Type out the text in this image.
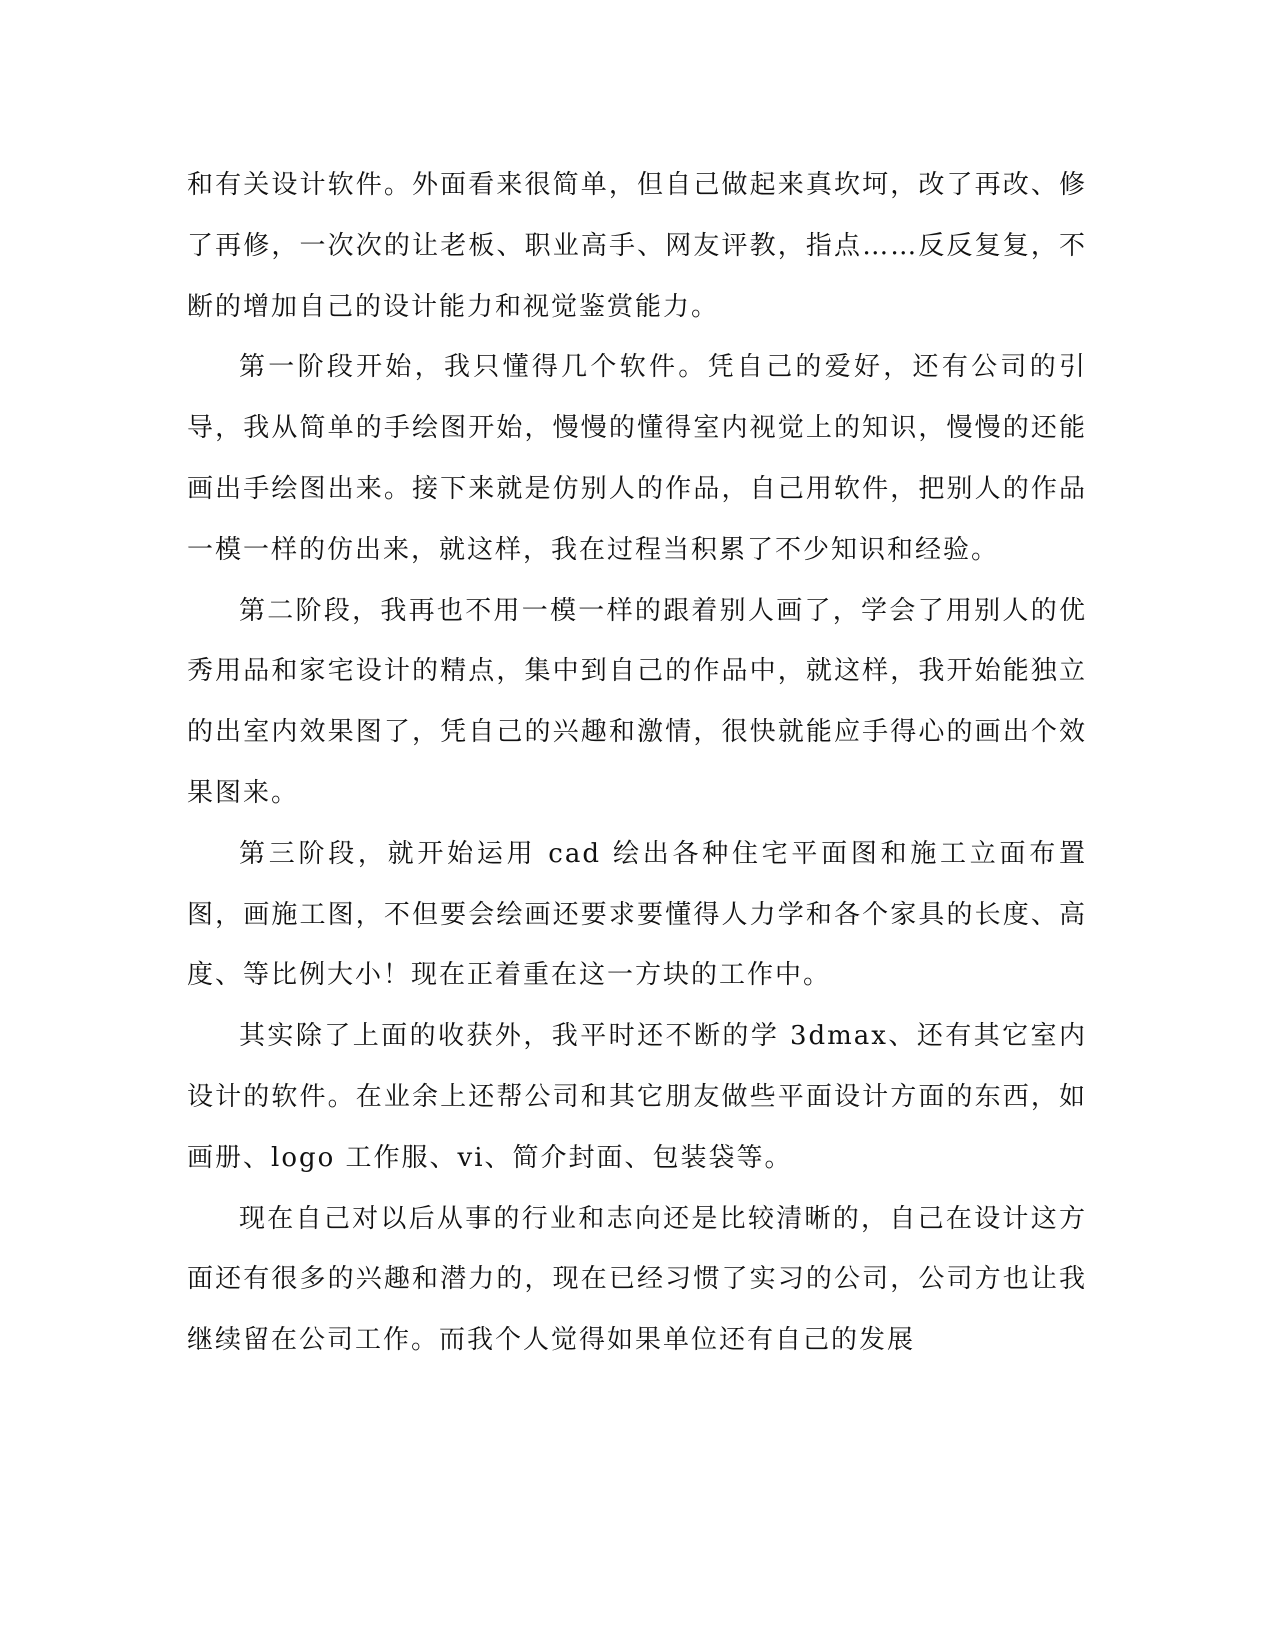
和有关设计软件。外面看来很简单，但自己做起来真坎坷，改了再改、修了再修，一次次的让老板、职业高手、网友评教，指点……反反复复，不断的增加自己的设计能力和视觉鉴赏能力。

第一阶段开始，我只懂得几个软件。凭自己的爱好，还有公司的引导，我从简单的手绘图开始，慢慢的懂得室内视觉上的知识，慢慢的还能画出手绘图出来。接下来就是仿别人的作品，自己用软件，把别人的作品一模一样的仿出来，就这样，我在过程当积累了不少知识和经验。

第二阶段，我再也不用一模一样的跟着别人画了，学会了用别人的优秀用品和家宅设计的精点，集中到自己的作品中，就这样，我开始能独立的出室内效果图了，凭自己的兴趣和激情，很快就能应手得心的画出个效果图来。

第三阶段，就开始运用 cad 绘出各种住宅平面图和施工立面布置图，画施工图，不但要会绘画还要求要懂得人力学和各个家具的长度、高度、等比例大小！现在正着重在这一方块的工作中。

其实除了上面的收获外，我平时还不断的学 3dmax、还有其它室内设计的软件。在业余上还帮公司和其它朋友做些平面设计方面的东西，如画册、logo 工作服、vi、简介封面、包装袋等。

现在自己对以后从事的行业和志向还是比较清晰的，自己在设计这方面还有很多的兴趣和潜力的，现在已经习惯了实习的公司，公司方也让我继续留在公司工作。而我个人觉得如果单位还有自己的发展
